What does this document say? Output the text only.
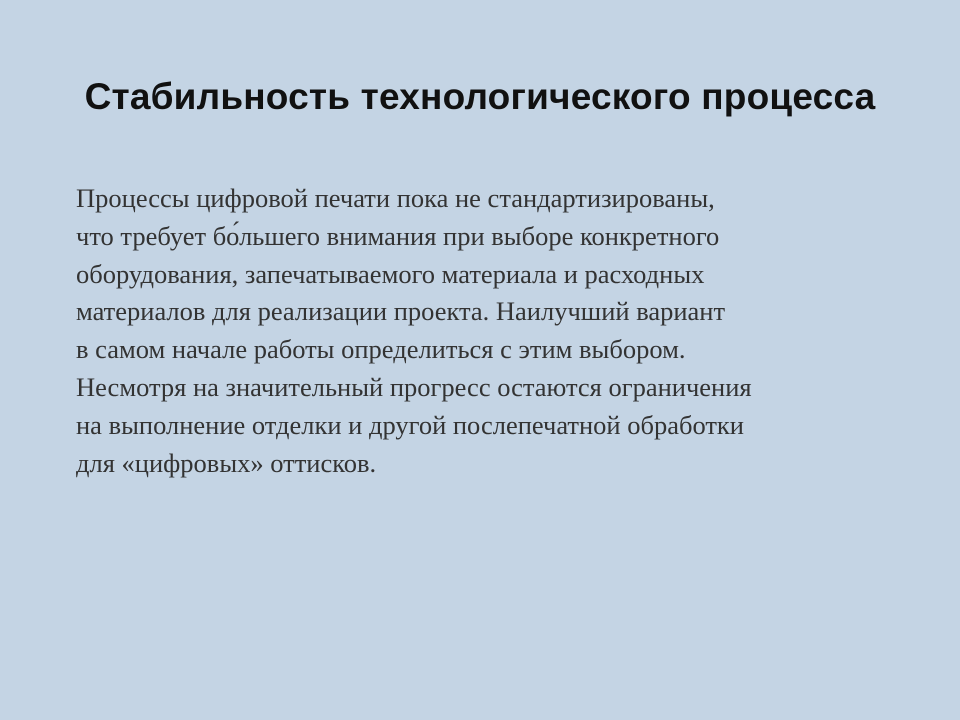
Стабильность технологического процесса
Процессы цифровой печати пока не стандартизированы,
что требует бо́льшего внимания при выборе конкретного
оборудования, запечатываемого материала и расходных
материалов для реализации проекта. Наилучший вариант
в самом начале работы определиться с этим выбором.
Несмотря на значительный прогресс остаются ограничения
на выполнение отделки и другой послепечатной обработки
для «цифровых» оттисков.
